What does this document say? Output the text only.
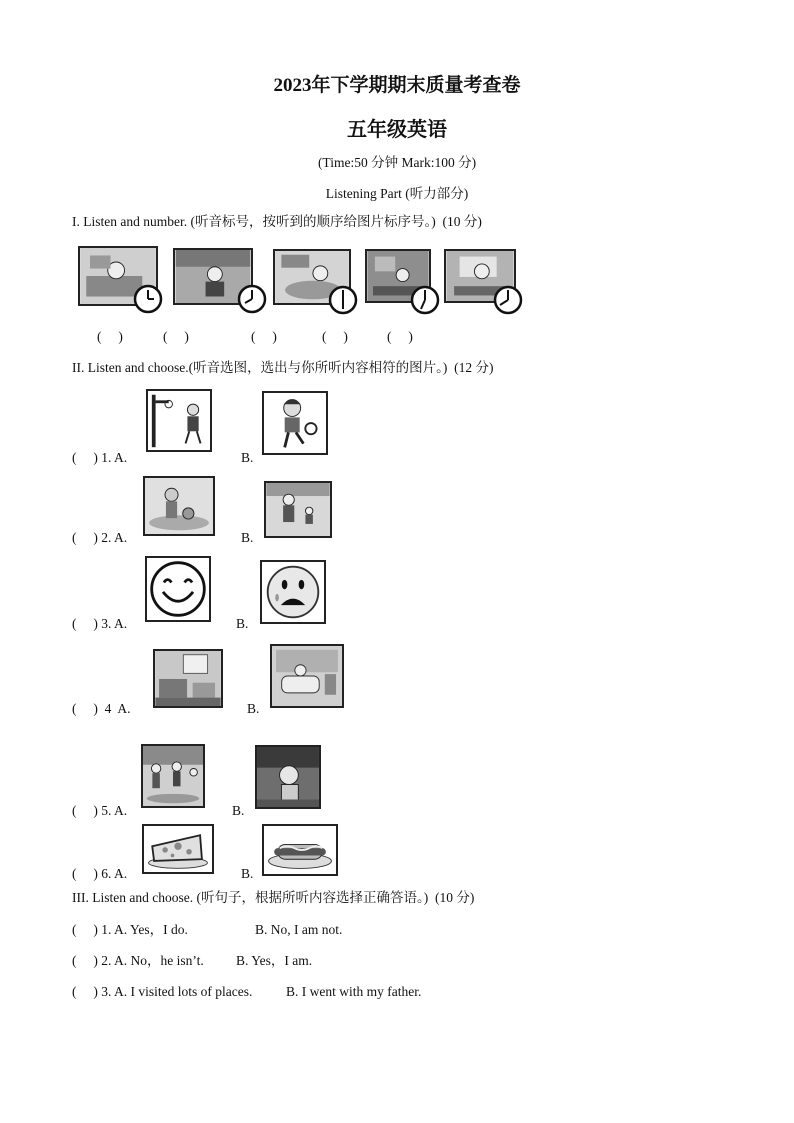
2023年下学期期末质量考查卷
五年级英语
(Time:50 分钟 Mark:100 分)
Listening Part (听力部分)
I. Listen and number. (听音标号，按听到的顺序给图片标序号。)  (10 分)
(     )	(     )	(     )	(     )	(     )
II. Listen and choose.(听音选图，选出与你所听内容相符的图片。)  (12 分)
(     ) 1. A.	B.
(     ) 2. A.	B.
(     ) 3. A.	B.
(     )  4  A.	B.
(     ) 5. A.	B.
(     ) 6. A.	B.
III. Listen and choose. (听句子，根据所听内容选择正确答语。)  (10 分)
(     ) 1. A. Yes，I do.	B. No, I am not.
(     ) 2. A. No，he isn’t. B. Yes，I am.
(     ) 3. A. I visited lots of places. B. I went with my father.
